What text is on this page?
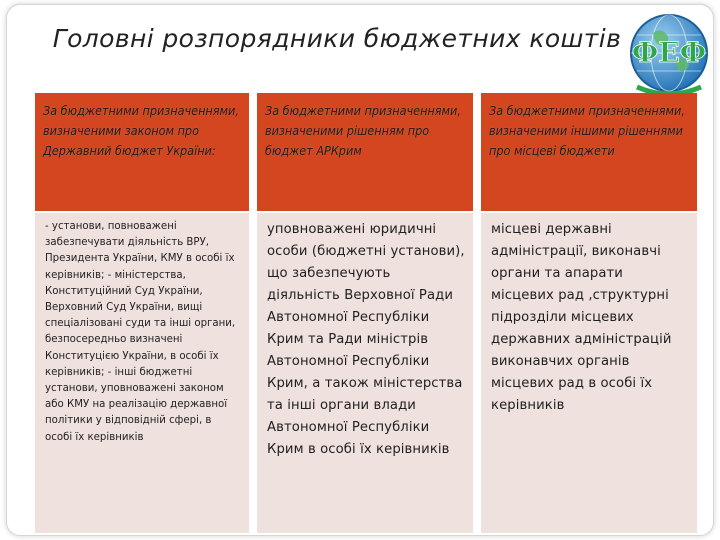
Головні розпорядники бюджетних коштів ФЕФ
За бюджетними призначеннями, визначеними законом про Державний бюджет України:
За бюджетними призначеннями, визначеними рішенням про бюджет АРКрим
За бюджетними призначеннями, визначеними іншими рішеннями про місцеві бюджети
- установи, повноважені забезпечувати діяльність ВРУ, Президента України, КМУ в особі їх керівників; - міністерства, Конституційний Суд України, Верховний Суд України, вищі спеціалізовані суди та інші органи, безпосередньо визначені Конституцією України, в особі їх керівників; - інші бюджетні установи, уповноважені законом або КМУ на реалізацію державної політики у відповідній сфері, в особі їх керівників
уповноважені юридичні особи (бюджетні установи), що забезпечують діяльність Верховної Ради Автономної Республіки Крим та Ради міністрів Автономної Республіки Крим, а також міністерства та інші органи влади Автономної Республіки Крим в особі їх керівників
місцеві державні адміністрації, виконавчі органи та апарати місцевих рад ,структурні підрозділи місцевих державних адміністрацій виконавчих органів місцевих рад в особі їх керівників
